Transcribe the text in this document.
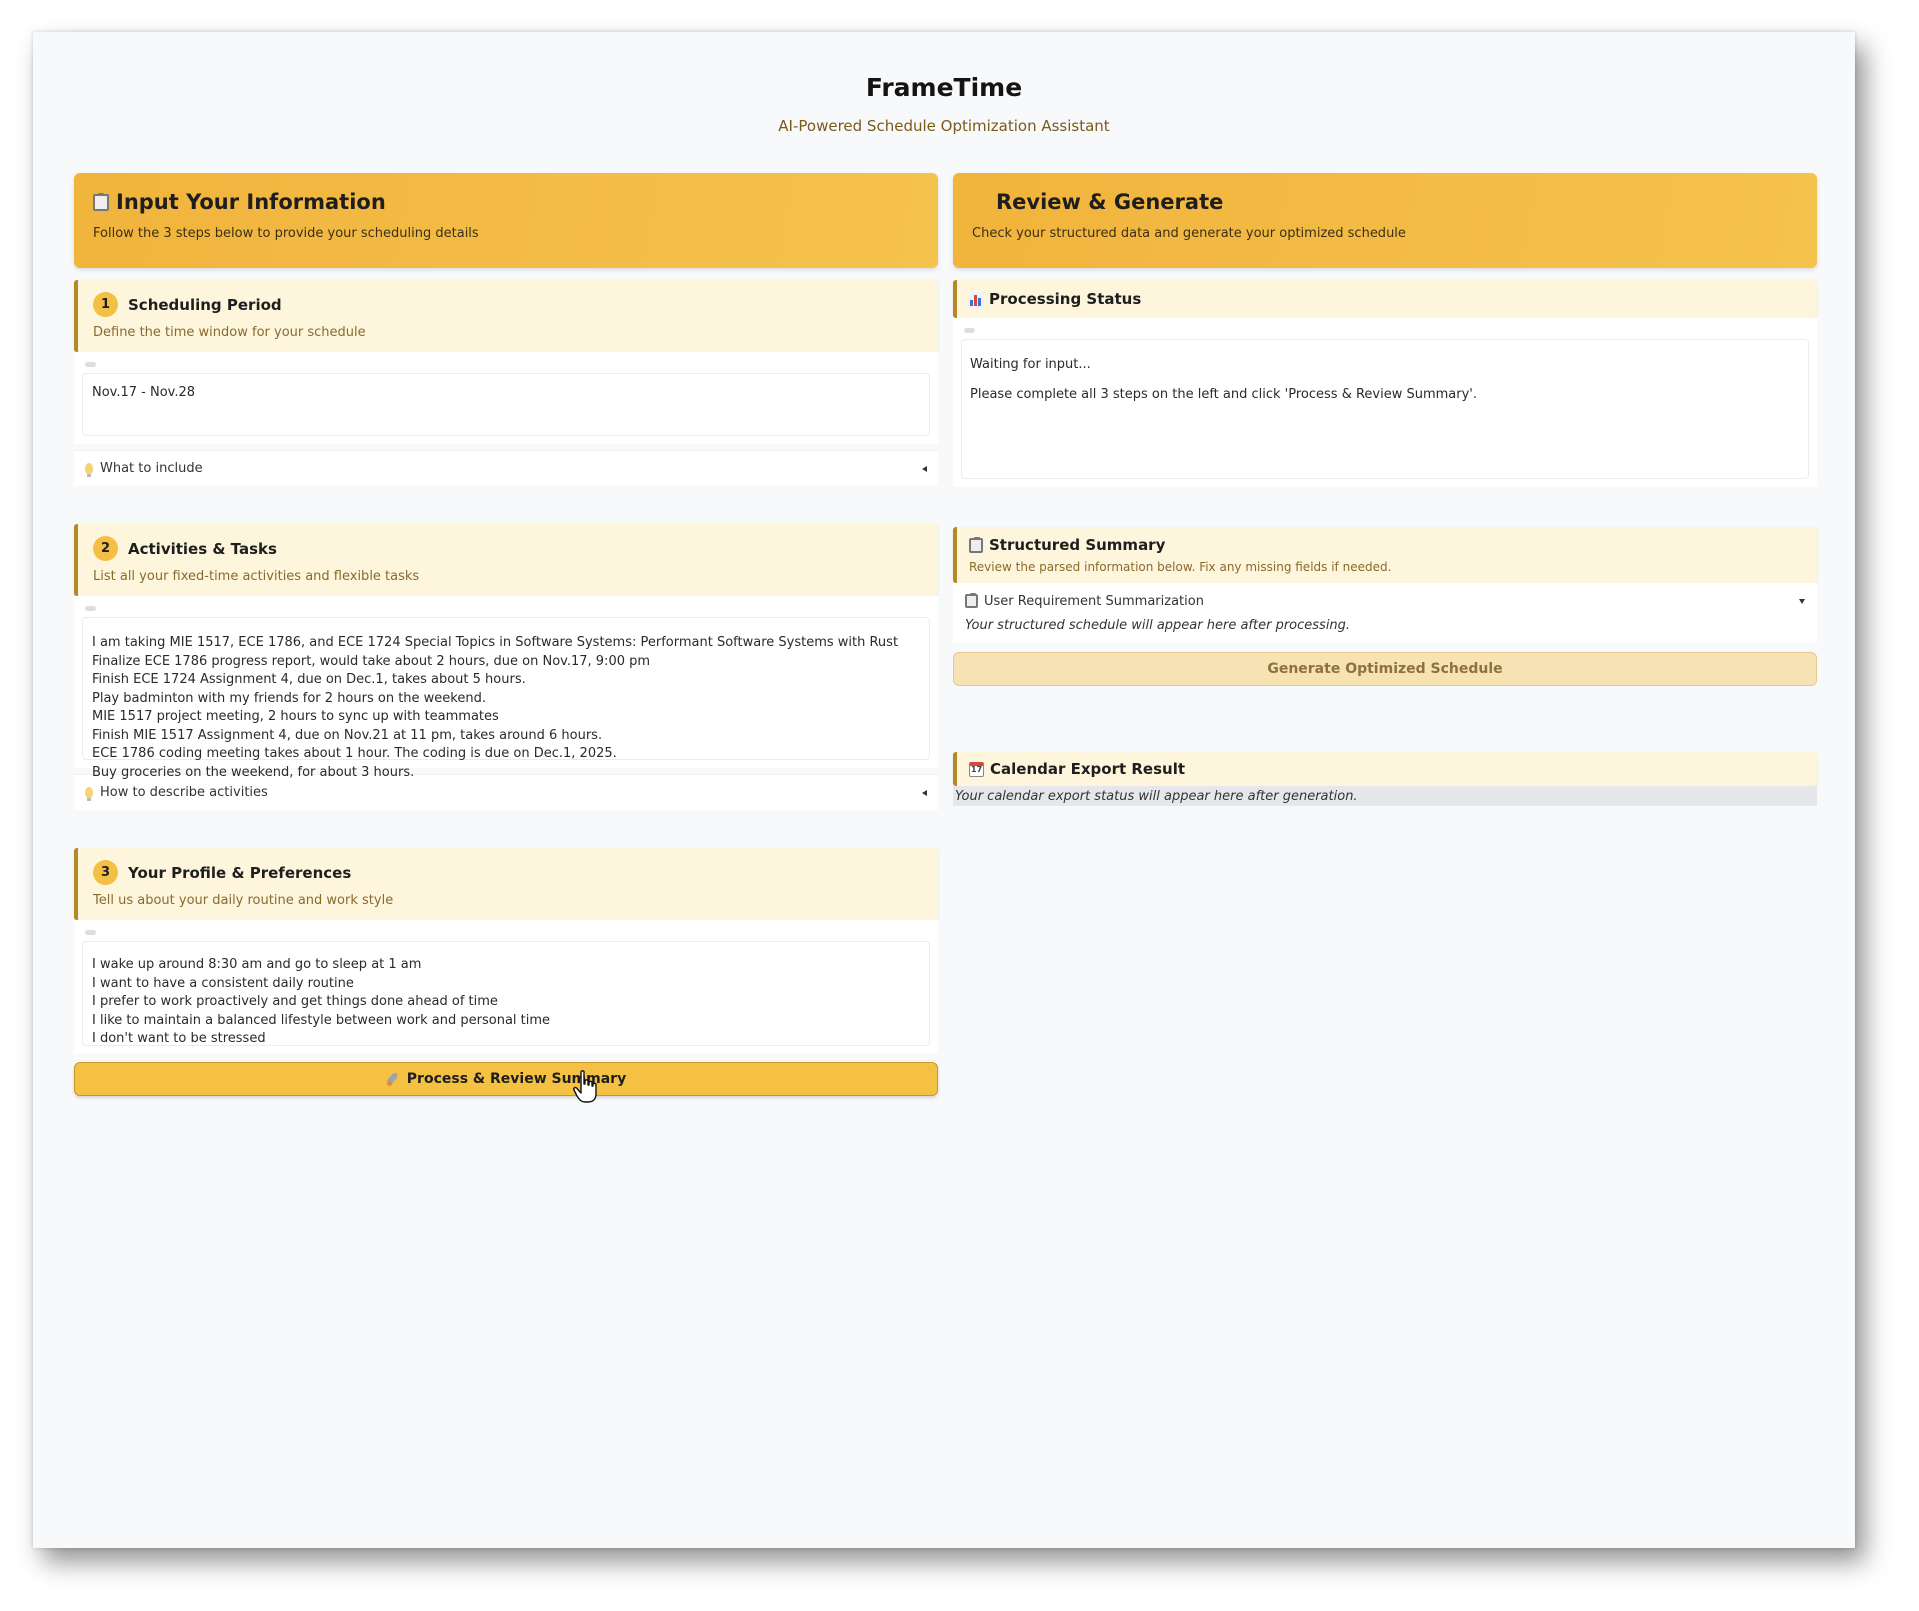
FrameTime
AI-Powered Schedule Optimization Assistant
Input Your Information
Follow the 3 steps below to provide your scheduling details
1	Scheduling Period
Define the time window for your schedule
Nov.17 - Nov.28
What to include
2	Activities & Tasks
List all your fixed-time activities and flexible tasks
I am taking MIE 1517, ECE 1786, and ECE 1724 Special Topics in Software Systems: Performant Software Systems with Rust
Finalize ECE 1786 progress report, would take about 2 hours, due on Nov.17, 9:00 pm
Finish ECE 1724 Assignment 4, due on Dec.1, takes about 5 hours.
Play badminton with my friends for 2 hours on the weekend.
MIE 1517 project meeting, 2 hours to sync up with teammates
Finish MIE 1517 Assignment 4, due on Nov.21 at 11 pm, takes around 6 hours.
ECE 1786 coding meeting takes about 1 hour. The coding is due on Dec.1, 2025.
Buy groceries on the weekend, for about 3 hours.
How to describe activities
3	Your Profile & Preferences
Tell us about your daily routine and work style
I wake up around 8:30 am and go to sleep at 1 am
I want to have a consistent daily routine
I prefer to work proactively and get things done ahead of time
I like to maintain a balanced lifestyle between work and personal time
I don't want to be stressed
Process & Review Summary
Review & Generate
Check your structured data and generate your optimized schedule
Processing Status
Waiting for input...
Please complete all 3 steps on the left and click 'Process & Review Summary'.
Structured Summary
Review the parsed information below. Fix any missing fields if needed.
User Requirement Summarization
Your structured schedule will appear here after processing.
Generate Optimized Schedule
17
Calendar Export Result
Your calendar export status will appear here after generation.
